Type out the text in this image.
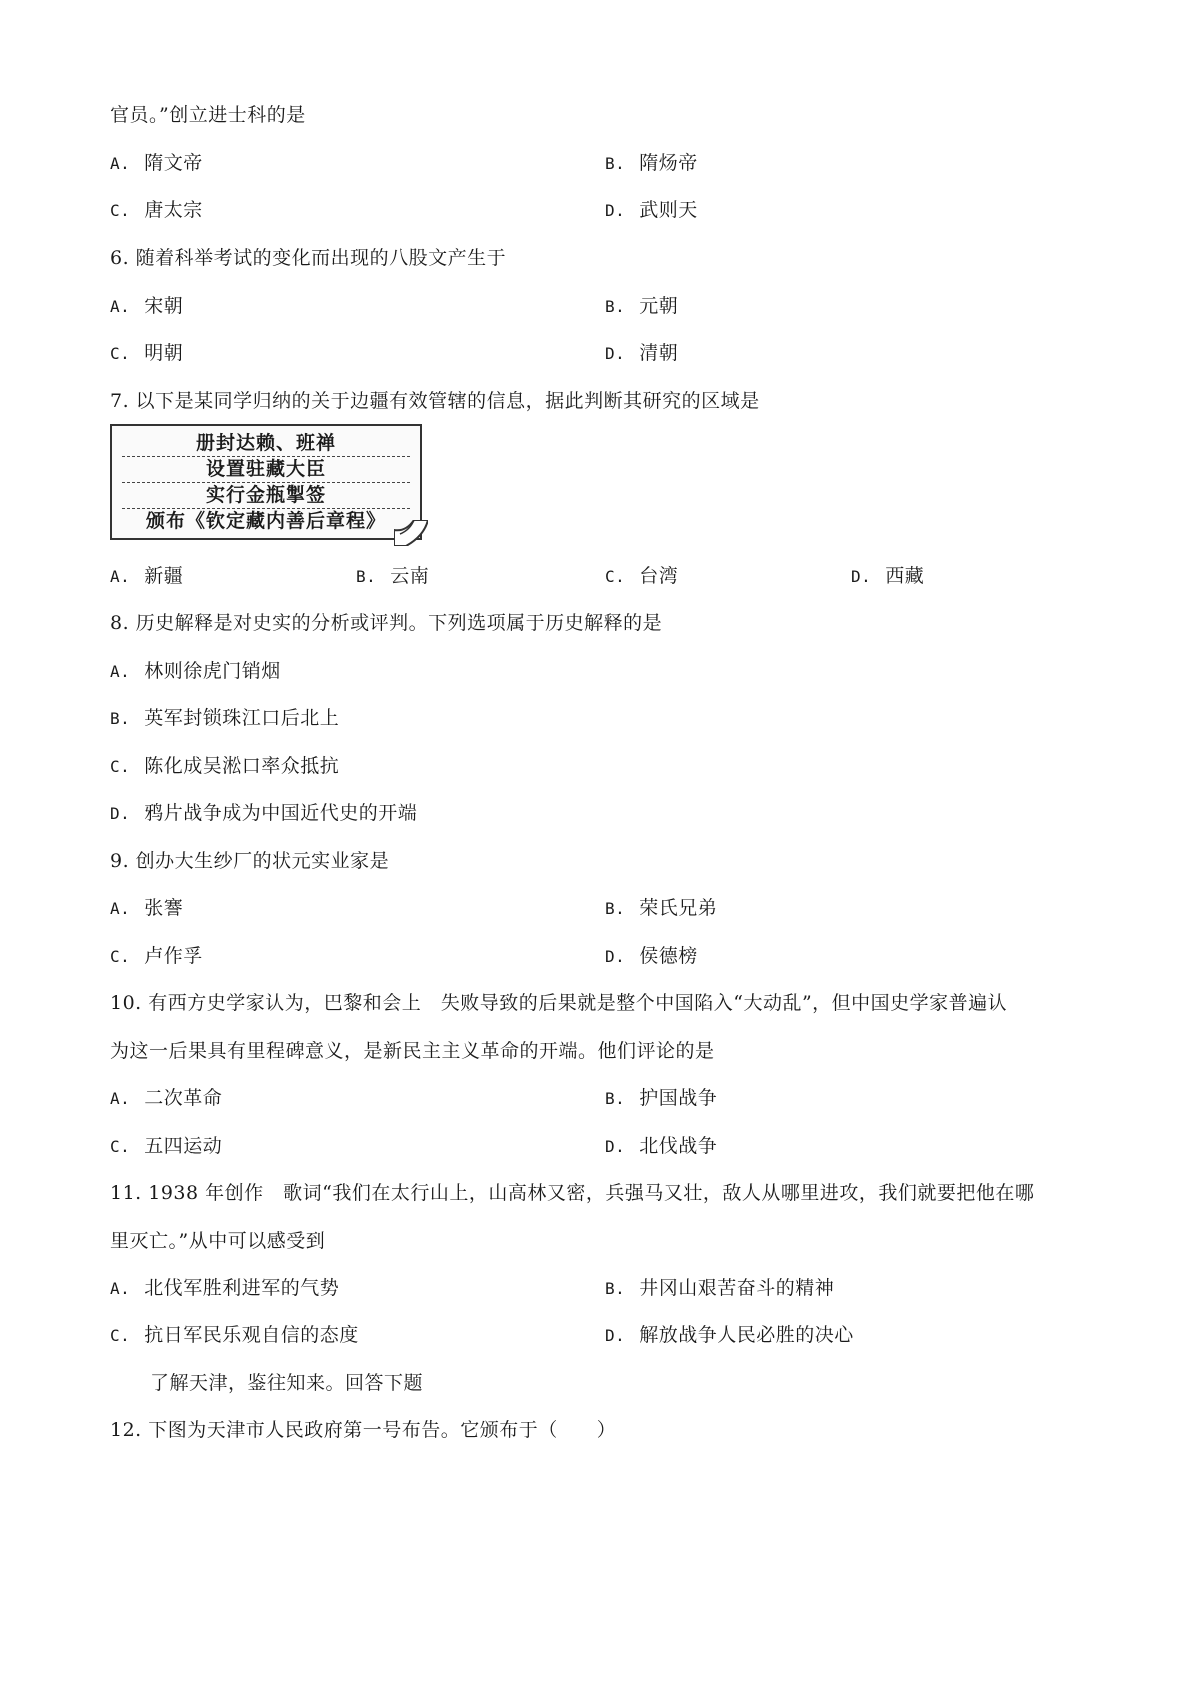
官员。”创立进士科的是
A. 隋文帝	B. 隋炀帝
C. 唐太宗	D. 武则天
6. 随着科举考试的变化而出现的八股文产生于
A. 宋朝	B. 元朝
C. 明朝	D. 清朝
7. 以下是某同学归纳的关于边疆有效管辖的信息，据此判断其研究的区域是
册封达赖、班禅
设置驻藏大臣
实行金瓶掣签
颁布《钦定藏内善后章程》
A. 新疆	B. 云南	C. 台湾	D. 西藏
8. 历史解释是对史实的分析或评判。下列选项属于历史解释的是
A. 林则徐虎门销烟
B. 英军封锁珠江口后北上
C. 陈化成吴淞口率众抵抗
D. 鸦片战争成为中国近代史的开端
9. 创办大生纱厂的状元实业家是
A. 张謇	B. 荣氏兄弟
C. 卢作孚	D. 侯德榜
10. 有西方史学家认为，巴黎和会上　失败导致的后果就是整个中国陷入“大动乱”，但中国史学家普遍认
为这一后果具有里程碑意义，是新民主主义革命的开端。他们评论的是
A. 二次革命	B. 护国战争
C. 五四运动	D. 北伐战争
11. 1938 年创作　歌词“我们在太行山上，山高林又密，兵强马又壮，敌人从哪里进攻，我们就要把他在哪
里灭亡。”从中可以感受到
A. 北伐军胜利进军的气势	B. 井冈山艰苦奋斗的精神
C. 抗日军民乐观自信的态度	D. 解放战争人民必胜的决心
了解天津，鉴往知来。回答下题
12. 下图为天津市人民政府第一号布告。它颁布于（　　）
